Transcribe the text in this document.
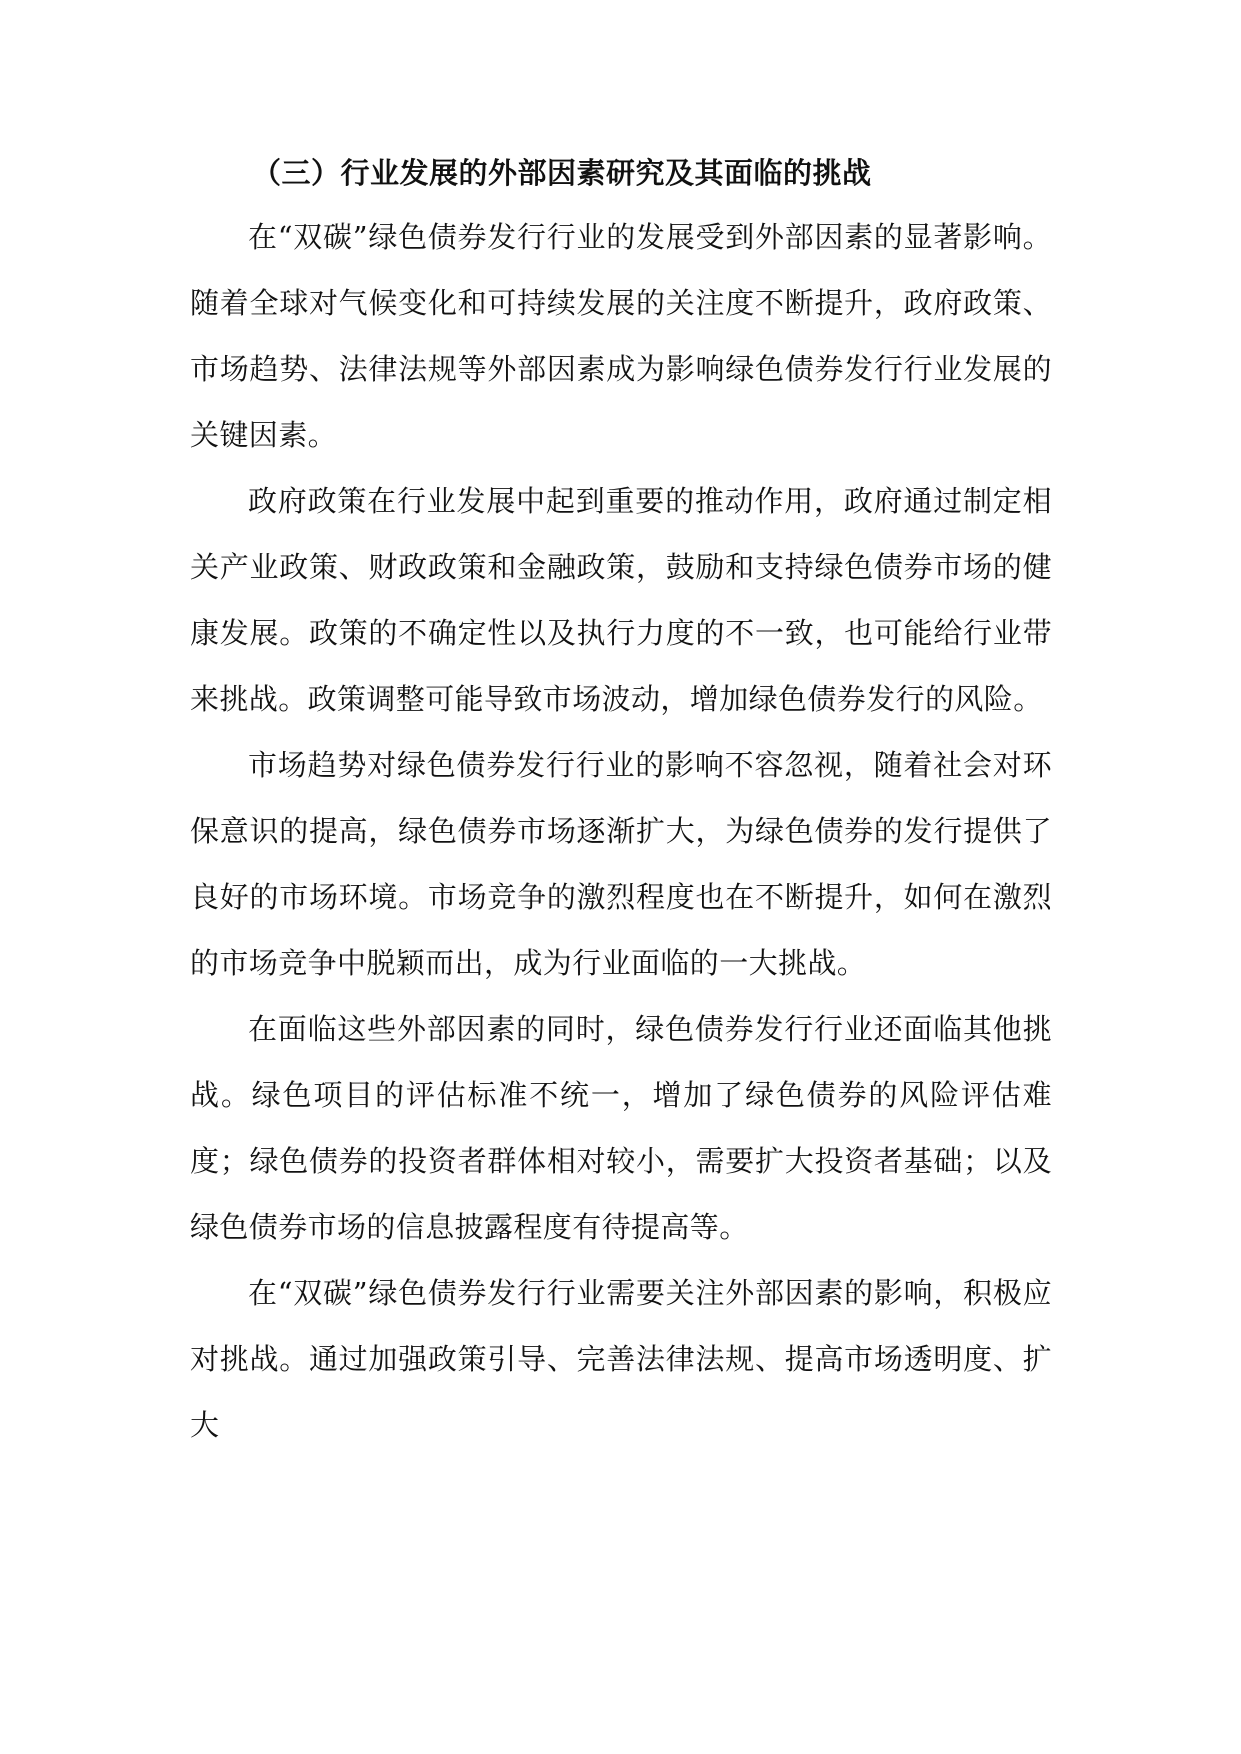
（三）行业发展的外部因素研究及其面临的挑战

在“双碳”绿色债券发行行业的发展受到外部因素的显著影响。随着全球对气候变化和可持续发展的关注度不断提升，政府政策、市场趋势、法律法规等外部因素成为影响绿色债券发行行业发展的关键因素。

政府政策在行业发展中起到重要的推动作用，政府通过制定相关产业政策、财政政策和金融政策，鼓励和支持绿色债券市场的健康发展。政策的不确定性以及执行力度的不一致，也可能给行业带来挑战。政策调整可能导致市场波动，增加绿色债券发行的风险。

市场趋势对绿色债券发行行业的影响不容忽视，随着社会对环保意识的提高，绿色债券市场逐渐扩大，为绿色债券的发行提供了良好的市场环境。市场竞争的激烈程度也在不断提升，如何在激烈的市场竞争中脱颖而出，成为行业面临的一大挑战。

在面临这些外部因素的同时，绿色债券发行行业还面临其他挑战。绿色项目的评估标准不统一，增加了绿色债券的风险评估难度；绿色债券的投资者群体相对较小，需要扩大投资者基础；以及绿色债券市场的信息披露程度有待提高等。

在“双碳”绿色债券发行行业需要关注外部因素的影响，积极应对挑战。通过加强政策引导、完善法律法规、提高市场透明度、扩大
